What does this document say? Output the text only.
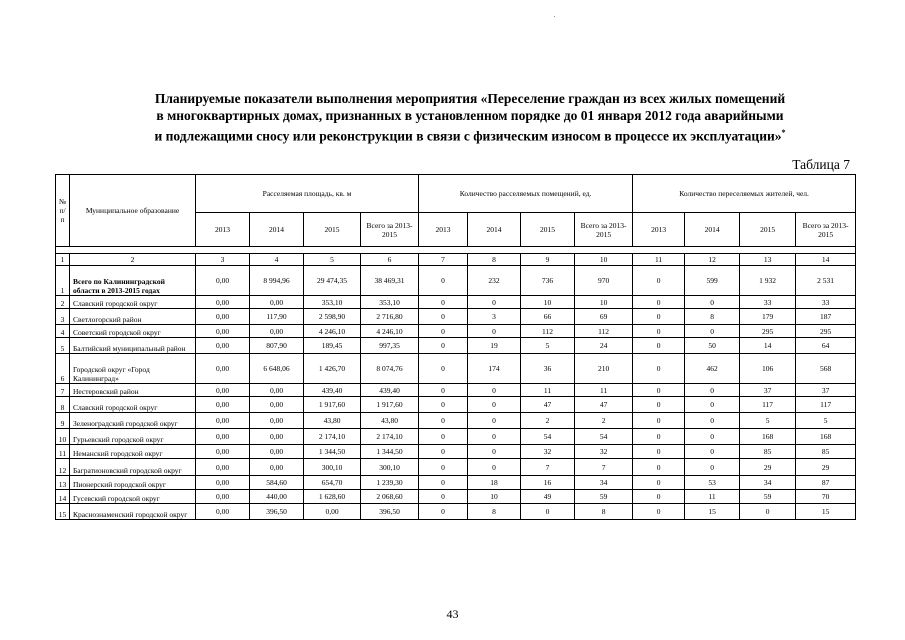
Планируемые показатели выполнения мероприятия «Переселение граждан из всех жилых помещений
в многоквартирных домах, признанных в установленном порядке до 01 января 2012 года аварийными
и подлежащими сносу или реконструкции в связи с физическим износом в процессе их эксплуатации»*
Таблица 7
№ п/п	Муниципальное образование	Расселяемая площадь, кв. м				Количество расселяемых помещений, ед.				Количество переселяемых жителей, чел.			
		2013	2014	2015	Всего за 2013-2015	2013	2014	2015	Всего за 2013-2015	2013	2014	2015	Всего за 2013-2015

1	2	3	4	5	6	7	8	9	10	11	12	13	14
1	Всего по Калининградской области в 2013-2015 годах	0,00	8 994,96	29 474,35	38 469,31	0	232	736	970	0	599	1 932	2 531
2	Славский городской округ	0,00	0,00	353,10	353,10	0	0	10	10	0	0	33	33
3	Светлогорский район	0,00	117,90	2 598,90	2 716,80	0	3	66	69	0	8	179	187
4	Советский городской округ	0,00	0,00	4 246,10	4 246,10	0	0	112	112	0	0	295	295
5	Балтийский муниципальный район	0,00	807,90	189,45	997,35	0	19	5	24	0	50	14	64
6	Городской округ «Город Калининград»	0,00	6 648,06	1 426,70	8 074,76	0	174	36	210	0	462	106	568
7	Нестеровский район	0,00	0,00	439,40	439,40	0	0	11	11	0	0	37	37
8	Славский городской округ	0,00	0,00	1 917,60	1 917,60	0	0	47	47	0	0	117	117
9	Зеленоградский городской округ	0,00	0,00	43,80	43,80	0	0	2	2	0	0	5	5
10	Гурьевский городской округ	0,00	0,00	2 174,10	2 174,10	0	0	54	54	0	0	168	168
11	Неманский городской округ	0,00	0,00	1 344,50	1 344,50	0	0	32	32	0	0	85	85
12	Багратионовский городской округ	0,00	0,00	300,10	300,10	0	0	7	7	0	0	29	29
13	Пионерский городской округ	0,00	584,60	654,70	1 239,30	0	18	16	34	0	53	34	87
14	Гусевский городской округ	0,00	440,00	1 628,60	2 068,60	0	10	49	59	0	11	59	70
15	Краснознаменский городской округ	0,00	396,50	0,00	396,50	0	8	0	8	0	15	0	15
43
